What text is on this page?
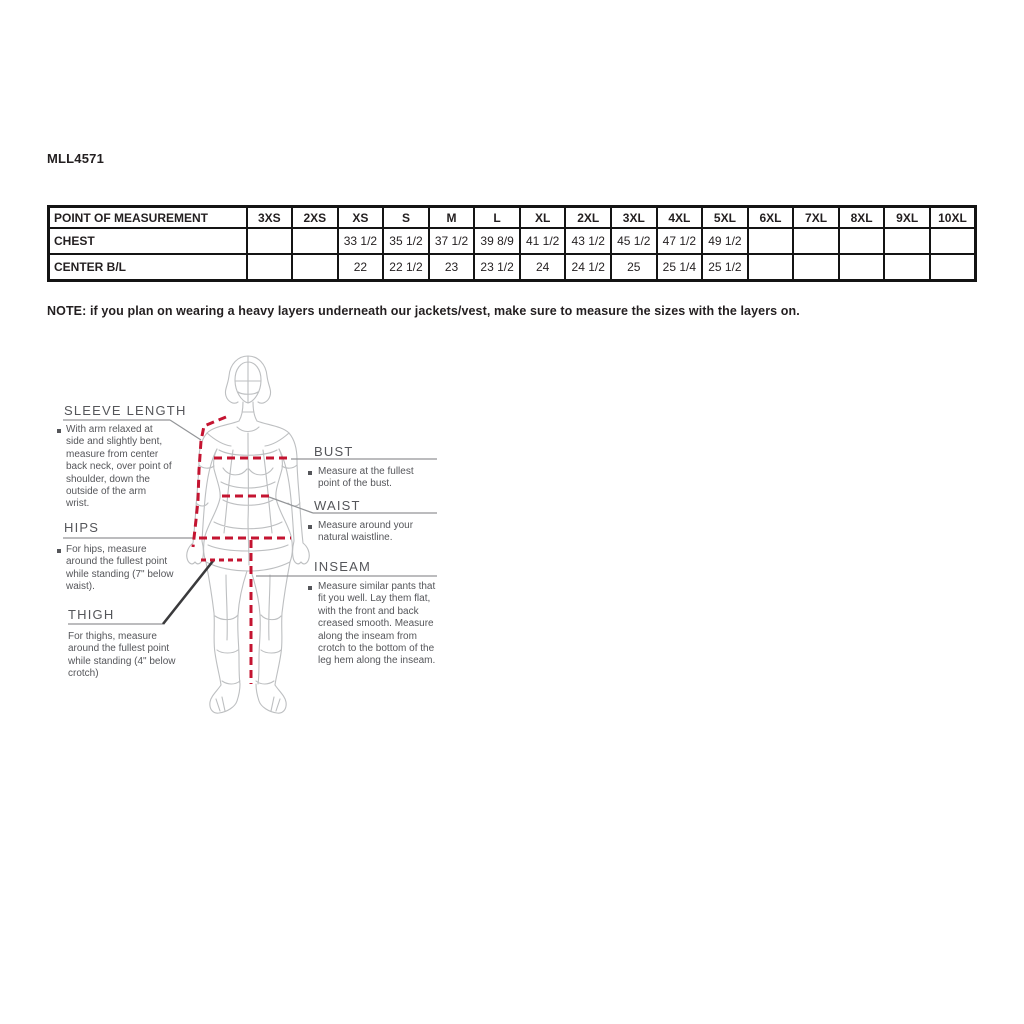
MLL4571
POINT OF MEASUREMENT	3XS	2XS	XS	S	M	L	XL	2XL	3XL	4XL	5XL	6XL	7XL	8XL	9XL	10XL
CHEST			33 1/2	35 1/2	37 1/2	39 8/9	41 1/2	43 1/2	45 1/2	47 1/2	49 1/2					
CENTER B/L			22	22 1/2	23	23 1/2	24	24 1/2	25	25 1/4	25 1/2					
NOTE: if you plan on wearing a heavy layers underneath our jackets/vest, make sure to measure the sizes with the layers on.
SLEEVE LENGTH
With arm relaxed at side and slightly bent, measure from center back neck, over point of shoulder, down the outside of the arm wrist.
HIPS
For hips, measure around the fullest point while standing (7" below waist).
THIGH
For thighs, measure around the fullest point while standing (4" below crotch)
BUST
Measure at the fullest point of the bust.
WAIST
Measure around your natural waistline.
INSEAM
Measure similar pants that fit you well. Lay them flat, with the front and back creased smooth. Measure along the inseam from crotch to the bottom of the leg hem along the inseam.
